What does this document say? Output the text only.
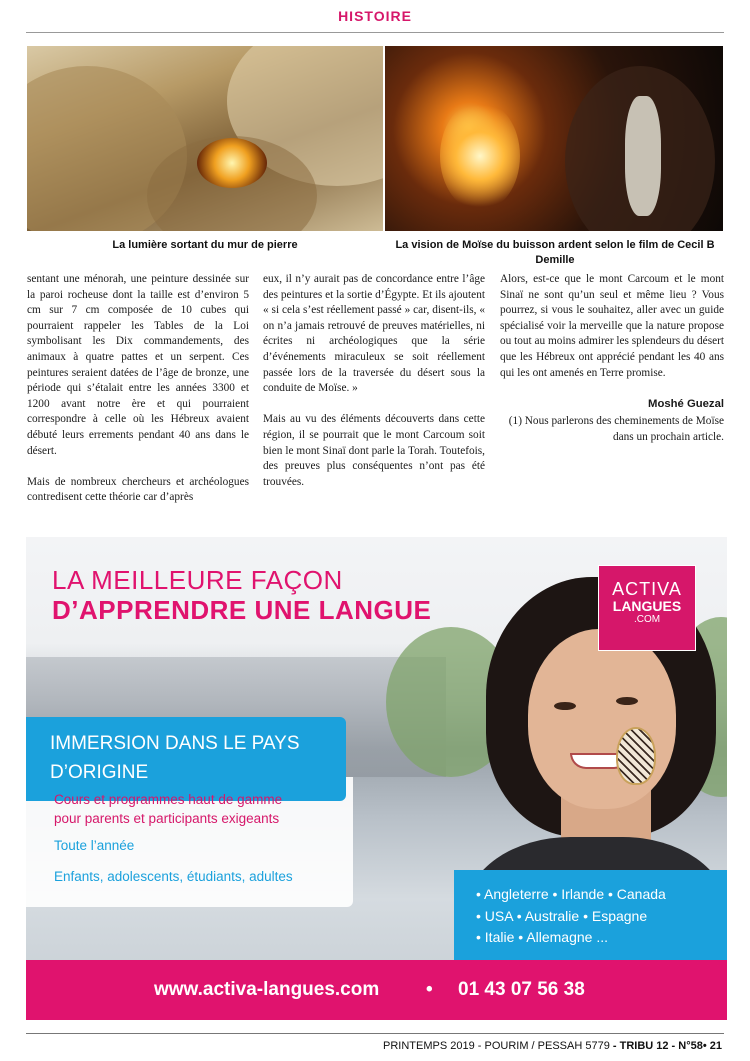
HISTOIRE
La lumière sortant du mur de pierre	La vision de Moïse du buisson ardent selon le film de Cecil B Demille

sentant une ménorah, une peinture dessinée sur la paroi rocheuse dont la taille est d’environ 5 cm sur 7 cm composée de 10 cubes qui pourraient rappeler les Tables de la Loi symbolisant les Dix commandements, des animaux à quatre pattes et un serpent. Ces peintures seraient datées de l’âge de bronze, une période qui s’étalait entre les années 3300 et 1200 avant notre ère et qui pourraient correspondre à celle où les Hébreux avaient débuté leurs errements pendant 40 ans dans le désert.

Mais de nombreux chercheurs et archéologues contredisent cette théorie car d’après

eux, il n’y aurait pas de concordance entre l’âge des peintures et la sortie d’Égypte. Et ils ajoutent « si cela s’est réellement passé » car, disent-ils, « on n’a jamais retrouvé de preuves matérielles, ni écrites ni archéologiques que la série d’événements miraculeux se soit réellement passée lors de la traversée du désert sous la conduite de Moïse. »

Mais au vu des éléments découverts dans cette région, il se pourrait que le mont Carcoum soit bien le mont Sinaï dont parle la Torah. Toutefois, des preuves plus conséquentes n’ont pas été trouvées.

Alors, est-ce que le mont Carcoum et le mont Sinaï ne sont qu’un seul et même lieu ? Vous pourrez, si vous le souhaitez, aller avec un guide spécialisé voir la merveille que la nature propose ou tout au moins admirer les splendeurs du désert que les Hébreux ont apprécié pendant les 40 ans qui les ont amenés en Terre promise.

Moshé Guezal
(1) Nous parlerons des cheminements de Moïse dans un prochain article.
LA MEILLEURE FAÇON
D’APPRENDRE UNE LANGUE
ACTIVA
LANGUES
.COM
IMMERSION DANS LE PAYS D’ORIGINE
Cours et programmes haut de gamme
pour parents et participants exigeants
Toute l’année
Enfants, adolescents, étudiants, adultes
• Angleterre • Irlande • Canada
• USA • Australie • Espagne
• Italie • Allemagne ...
www.activa-langues.com • 01 43 07 56 38
PRINTEMPS 2019 - POURIM / PESSAH 5779 - TRIBU 12 - N°58• 21
